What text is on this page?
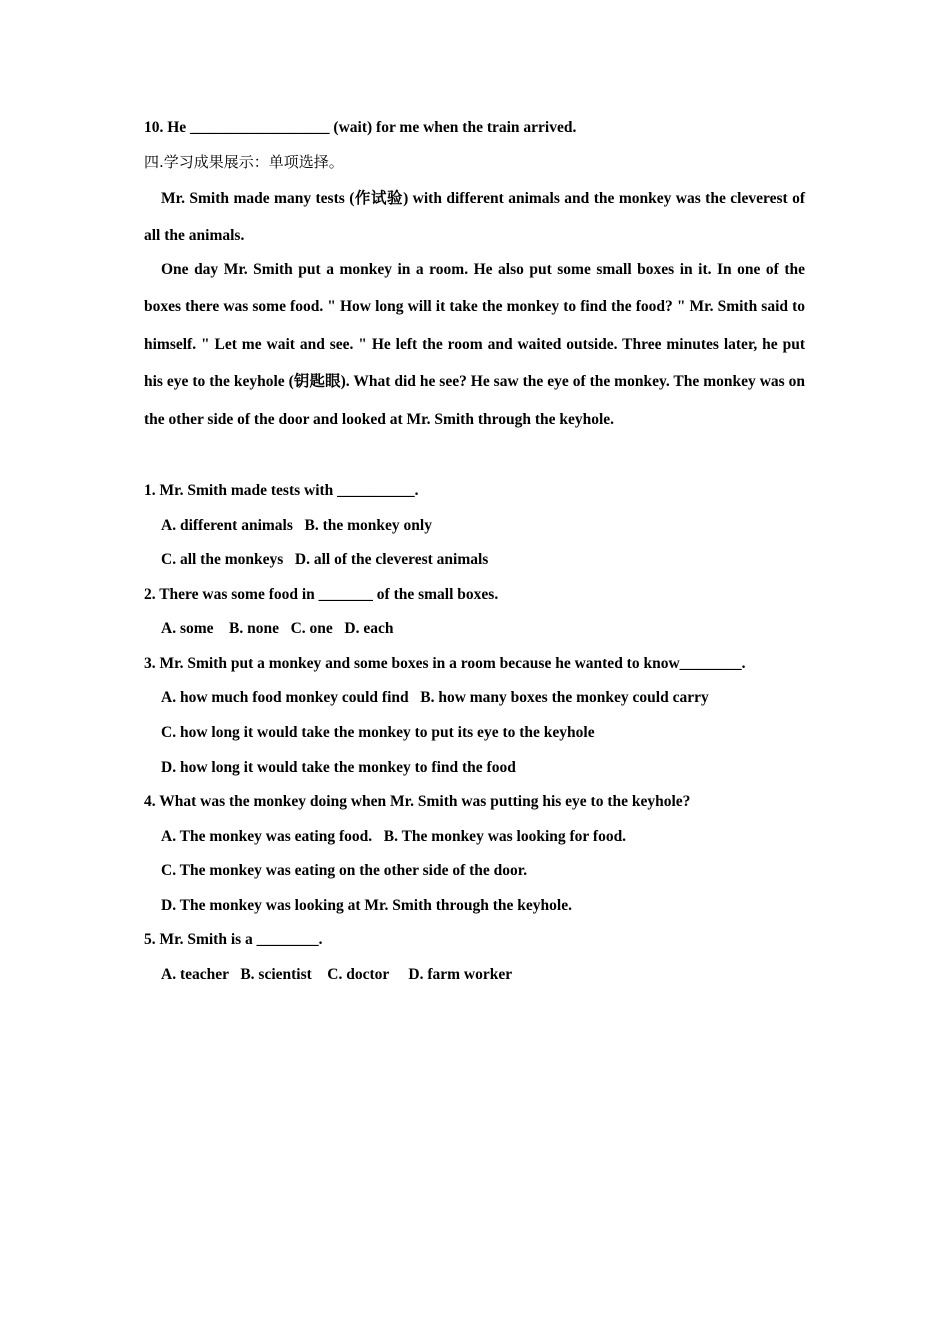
10. He __________________ (wait) for me when the train arrived.
四.学习成果展示：单项选择。
Mr. Smith made many tests (作试验) with different animals and the monkey was the cleverest of all the animals.
One day Mr. Smith put a monkey in a room. He also put some small boxes in it. In one of the boxes there was some food. " How long will it take the monkey to find the food? " Mr. Smith said to himself. " Let me wait and see. " He left the room and waited outside. Three minutes later, he put his eye to the keyhole (钥匙眼). What did he see? He saw the eye of the monkey. The monkey was on the other side of the door and looked at Mr. Smith through the keyhole.
1. Mr. Smith made tests with __________.
A. different animals   B. the monkey only
C. all the monkeys   D. all of the cleverest animals
2. There was some food in _______ of the small boxes.
A. some    B. none   C. one   D. each
3. Mr. Smith put a monkey and some boxes in a room because he wanted to know________.
A. how much food monkey could find   B. how many boxes the monkey could carry
C. how long it would take the monkey to put its eye to the keyhole
D. how long it would take the monkey to find the food
4. What was the monkey doing when Mr. Smith was putting his eye to the keyhole?
A. The monkey was eating food.   B. The monkey was looking for food.
C. The monkey was eating on the other side of the door.
D. The monkey was looking at Mr. Smith through the keyhole.
5. Mr. Smith is a ________.
A. teacher   B. scientist    C. doctor     D. farm worker
